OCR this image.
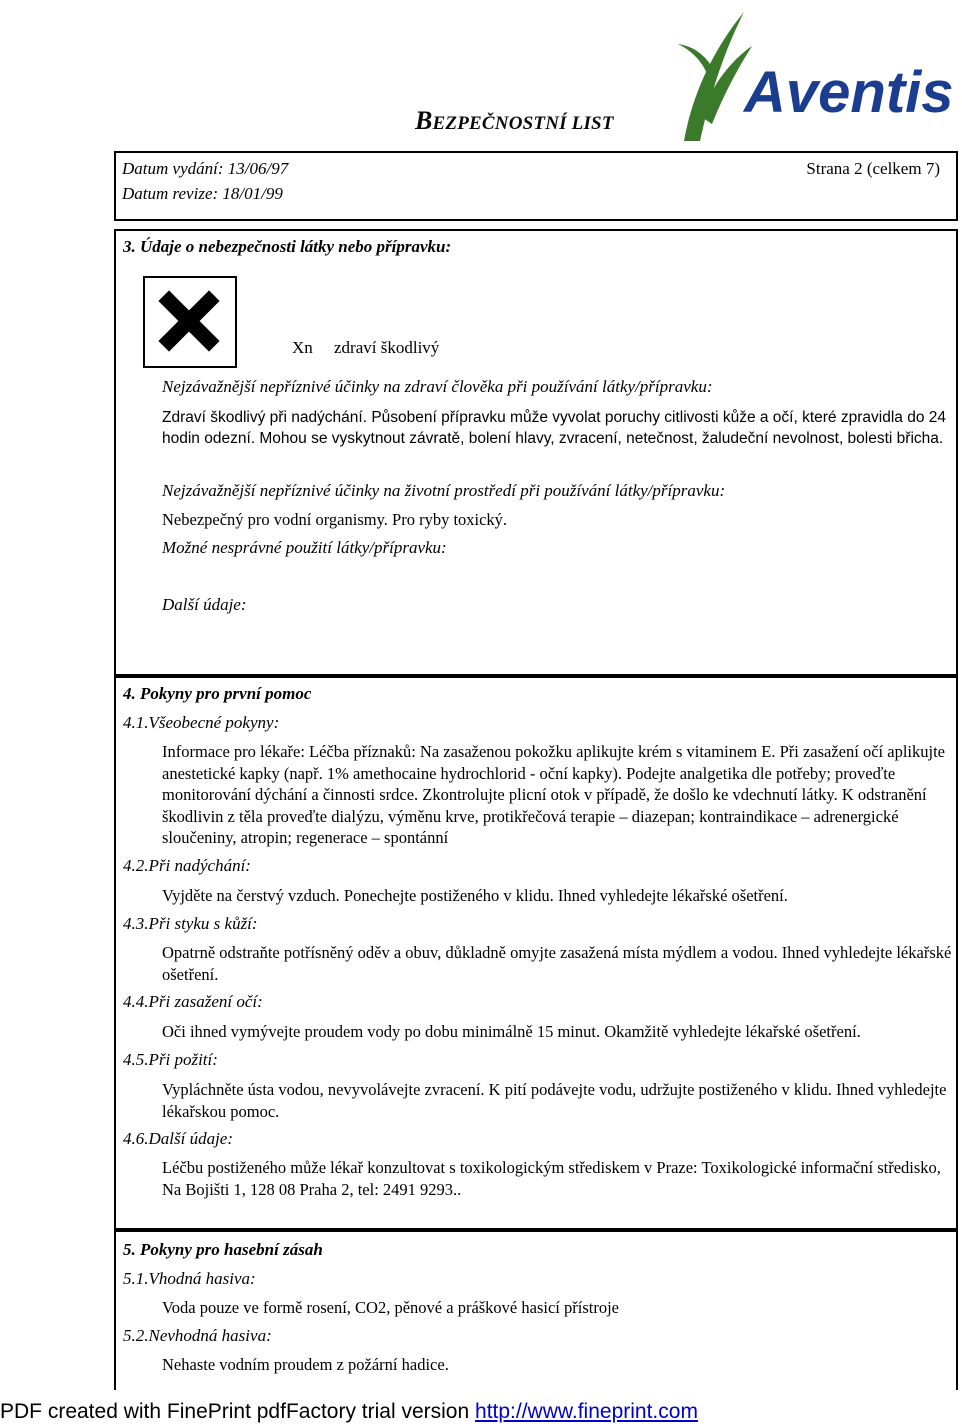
BEZPEČNOSTNÍ LIST Aventis
Datum vydání: 13/06/97
Datum revize: 18/01/99
Strana 2 (celkem 7)
3. Údaje o nebezpečnosti látky nebo přípravku:
Xn zdraví škodlivý
Nejzávažnější nepříznivé účinky na zdraví člověka při používání látky/přípravku:
Zdraví škodlivý při nadýchání. Působení přípravku může vyvolat poruchy citlivosti kůže a očí, které zpravidla do 24 hodin odezní. Mohou se vyskytnout závratě, bolení hlavy, zvracení, netečnost, žaludeční nevolnost, bolesti břicha.
Nejzávažnější nepříznivé účinky na životní prostředí při používání látky/přípravku:
Nebezpečný pro vodní organismy. Pro ryby toxický.
Možné nesprávné použití látky/přípravku:
Další údaje:
4. Pokyny pro první pomoc
4.1.Všeobecné pokyny:
Informace pro lékaře: Léčba příznaků: Na zasaženou pokožku aplikujte krém s vitaminem E. Při zasažení očí aplikujte anestetické kapky (např. 1% amethocaine hydrochlorid - oční kapky). Podejte analgetika dle potřeby; proveďte monitorování dýchání a činnosti srdce. Zkontrolujte plicní otok v případě, že došlo ke vdechnutí látky. K odstranění škodlivin z těla proveďte dialýzu, výměnu krve, protikřečová terapie – diazepan; kontraindikace – adrenergické sloučeniny, atropin; regenerace – spontánní
4.2.Při nadýchání:
Vyjděte na čerstvý vzduch. Ponechejte postiženého v klidu. Ihned vyhledejte lékařské ošetření.
4.3.Při styku s kůží:
Opatrně odstraňte potřísněný oděv a obuv, důkladně omyjte zasažená místa mýdlem a vodou. Ihned vyhledejte lékařské ošetření.
4.4.Při zasažení očí:
Oči ihned vymývejte proudem vody po dobu minimálně 15 minut. Okamžitě vyhledejte lékařské ošetření.
4.5.Při požití:
Vypláchněte ústa vodou, nevyvolávejte zvracení. K pití podávejte vodu, udržujte postiženého v klidu. Ihned vyhledejte lékařskou pomoc.
4.6.Další údaje:
Léčbu postiženého může lékař konzultovat s toxikologickým střediskem v Praze: Toxikologické informační středisko, Na Bojišti 1, 128 08 Praha 2, tel: 2491 9293..
5. Pokyny pro hasební zásah
5.1.Vhodná hasiva:
Voda pouze ve formě rosení, CO2, pěnové a práškové hasicí přístroje
5.2.Nevhodná hasiva:
Nehaste vodním proudem z požární hadice.
PDF created with FinePrint pdfFactory trial version http://www.fineprint.com
